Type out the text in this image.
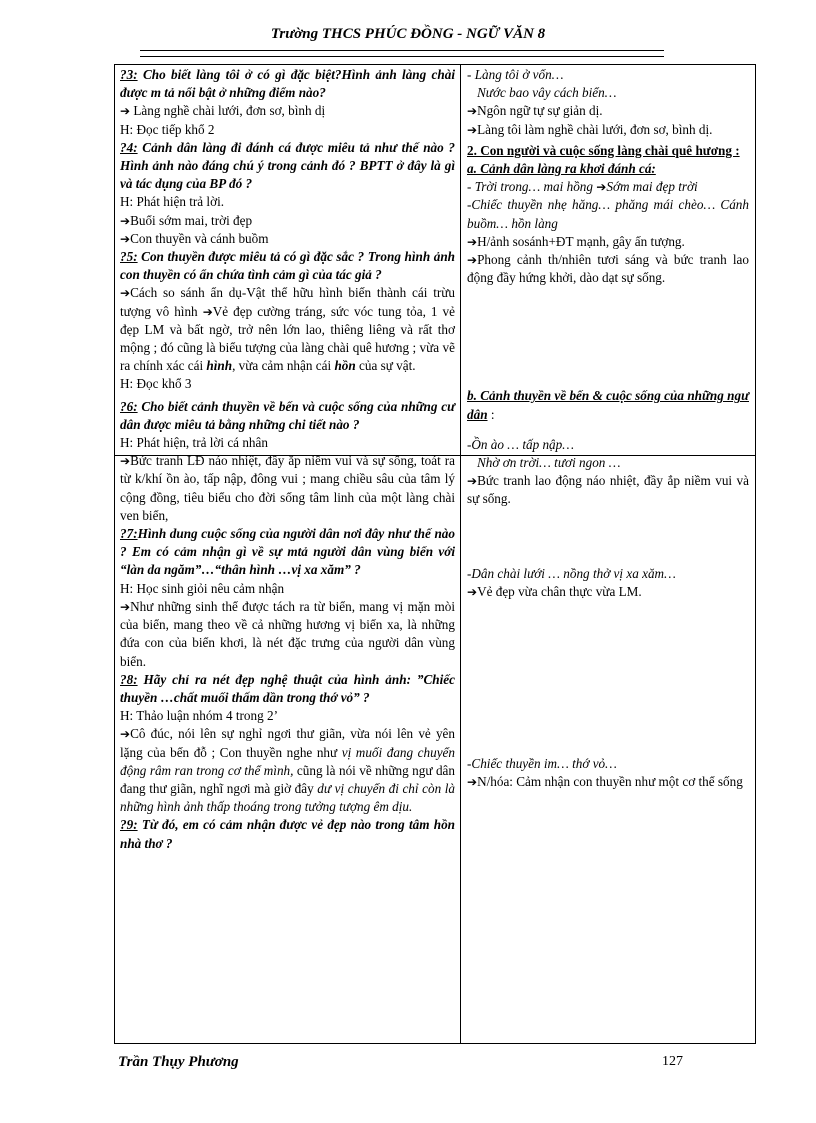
Trường THCS PHÚC ĐỒNG - NGỮ VĂN 8

?3: Cho biết làng tôi ở có gì đặc biệt?Hình ảnh làng chài được m tả nổi bật ở những điểm nào?

➔ Làng nghề chài lưới, đơn sơ, bình dị

H: Đọc tiếp khổ 2

?4: Cảnh dân làng đi đánh cá được miêu tả như thế nào ? Hình ảnh nào đáng chú ý trong cảnh đó ? BPTT ở đây là gì và tác dụng của BP đó ?

H: Phát hiện trả lời.

➔Buổi sớm mai, trời đẹp

➔Con thuyền và cánh buồm

?5: Con thuyền được miêu tả có gì đặc sắc ? Trong hình ảnh con thuyền có ẩn chứa tình cảm gì của tác giả ?

➔Cách so sánh ẩn dụ-Vật thể hữu hình biến thành cái trừu tượng vô hình ➔Vẻ đẹp cường tráng, sức vóc tung tỏa, 1 vẻ đẹp LM và bất ngờ, trở nên lớn lao, thiêng liêng và rất thơ mộng ; đó cũng là biểu tượng của làng chài quê hương ; vừa vẽ ra chính xác cái hình, vừa cảm nhận cái hồn của sự vật.

H: Đọc khổ 3

?6: Cho biết cảnh thuyền về bến và cuộc sống của những cư dân được miêu tả bằng những chi tiết nào ?

H: Phát hiện, trả lời cá nhân

➔Bức tranh LĐ náo nhiệt, đầy ắp niềm vui và sự sống, toát ra từ k/khí ồn ào, tấp nập, đông vui ; mang chiều sâu của tâm lý cộng đồng, tiêu biểu cho đời sống tâm linh của một làng chài ven biển,

?7:Hình dung cuộc sống của người dân nơi đây như thế nào ? Em có cảm nhận gì về sự mtả người dân vùng biển với “làn da ngăm”…“thân hình …vị xa xăm” ?

H: Học sinh giỏi nêu cảm nhận

➔Như những sinh thể được tách ra từ biển, mang vị mặn mòi của biển, mang theo về cả những hương vị biển xa, là những đứa con của biển khơi, là nét đặc trưng của người dân vùng biển.

?8: Hãy chỉ ra nét đẹp nghệ thuật của hình ảnh: ”Chiếc thuyền …chất muối thấm dần trong thớ vỏ” ?

H: Thảo luận nhóm 4 trong 2’

➔Cô đúc, nói lên sự nghỉ ngơi thư giãn, vừa nói lên vẻ yên lặng của bến đỗ ; Con thuyền nghe như vị muối đang chuyển động râm ran trong cơ thể mình, cũng là nói về những ngư dân đang thư giãn, nghĩ ngơi mà giờ đây dư vị chuyến đi chỉ còn là những hình ảnh thấp thoáng trong tưởng tượng êm dịu.

?9: Từ đó, em có cảm nhận được vẻ đẹp nào trong tâm hồn nhà thơ ?

- Làng tôi ở vốn…

Nước bao vây cách biển…

➔Ngôn ngữ tự sự giản dị.

➔Làng tôi làm nghề chài lưới, đơn sơ, bình dị.

2. Con người và cuộc sống làng chài quê hương :

a. Cảnh dân làng ra khơi đánh cá:

- Trời trong… mai hồng ➔Sớm mai đẹp trời

-Chiếc thuyền nhẹ hăng… phăng mái chèo… Cánh buồm… hồn làng

➔H/ảnh sosánh+ĐT mạnh, gây ấn tượng.

➔Phong cảnh th/nhiên tươi sáng và bức tranh lao động đầy hứng khởi, dào dạt sự sống.

b. Cảnh thuyền về bến & cuộc sống của những ngư dân :

-Ồn ào … tấp nập…

Nhờ ơn trời… tươi ngon …

➔Bức tranh lao động náo nhiệt, đầy ắp niềm vui và sự sống.

-Dân chài lưới … nồng thở vị xa xăm…

➔Vẻ đẹp vừa chân thực vừa LM.

-Chiếc thuyền im… thớ vỏ…

➔N/hóa: Cảm nhận con thuyền như một cơ thể sống

Trần Thụy Phương	127
